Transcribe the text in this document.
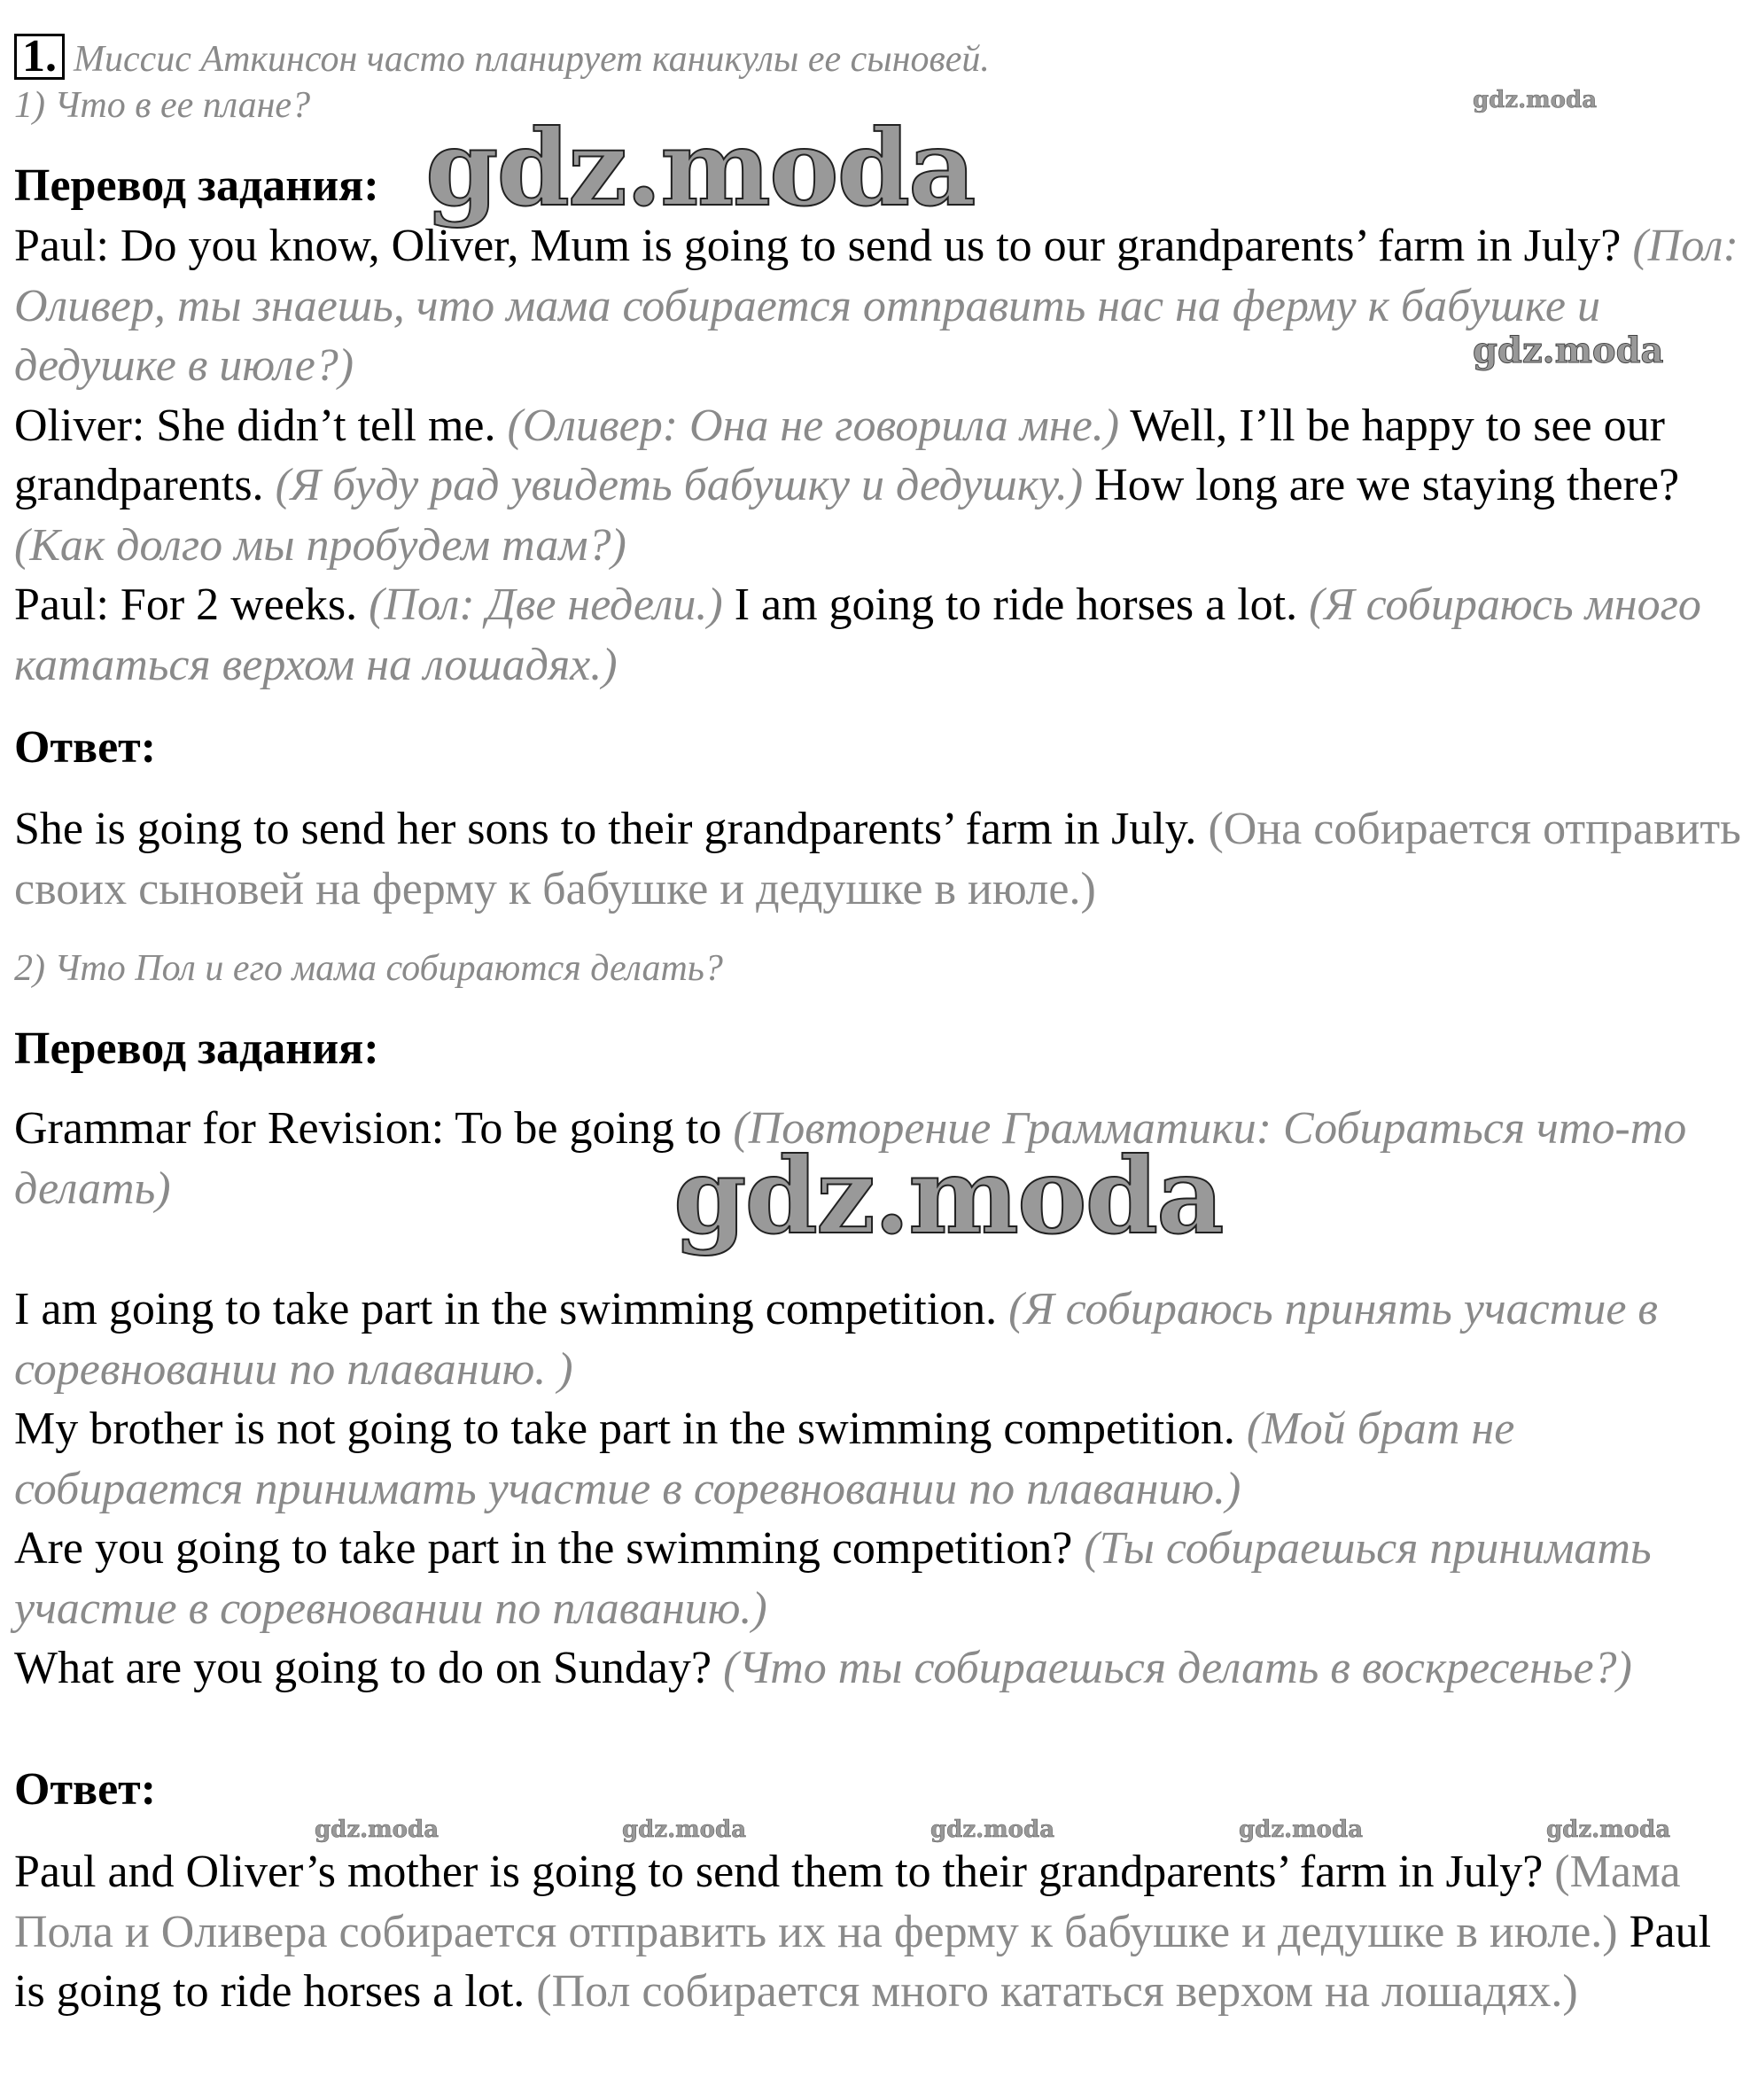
1. Миссис Аткинсон часто планирует каникулы ее сыновей.
1) Что в ее плане?
Перевод задания:

Paul: Do you know, Oliver, Mum is going to send us to our grandparents’ farm in July? (Пол: Оливер, ты знаешь, что мама собирается отправить нас на ферму к бабушке и дедушке в июле?)

Oliver: She didn’t tell me. (Оливер: Она не говорила мне.) Well, I’ll be happy to see our grandparents. (Я буду рад увидеть бабушку и дедушку.) How long are we staying there? (Как долго мы пробудем там?)

Paul: For 2 weeks. (Пол: Две недели.) I am going to ride horses a lot. (Я собираюсь много кататься верхом на лошадях.)

Ответ:
She is going to send her sons to their grandparents’ farm in July. (Она собирается отправить своих сыновей на ферму к бабушке и дедушке в июле.)
2) Что Пол и его мама собираются делать?
Перевод задания:
Grammar for Revision: To be going to (Повторение Грамматики: Собираться что-то делать)

I am going to take part in the swimming competition. (Я собираюсь принять участие в соревновании по плаванию. )

My brother is not going to take part in the swimming competition. (Мой брат не собирается принимать участие в соревновании по плаванию.)

Are you going to take part in the swimming competition? (Ты собираешься принимать участие в соревновании по плаванию.)

What are you going to do on Sunday? (Что ты собираешься делать в воскресенье?)

Ответ:
Paul and Oliver’s mother is going to send them to their grandparents’ farm in July? (Мама Пола и Оливера собирается отправить их на ферму к бабушке и дедушке в июле.) Paul is going to ride horses a lot. (Пол собирается много кататься верхом на лошадях.)
gdz.moda
gdz.moda
gdz.moda
gdz.moda
gdz.moda	gdz.moda	gdz.moda	gdz.moda	gdz.moda
